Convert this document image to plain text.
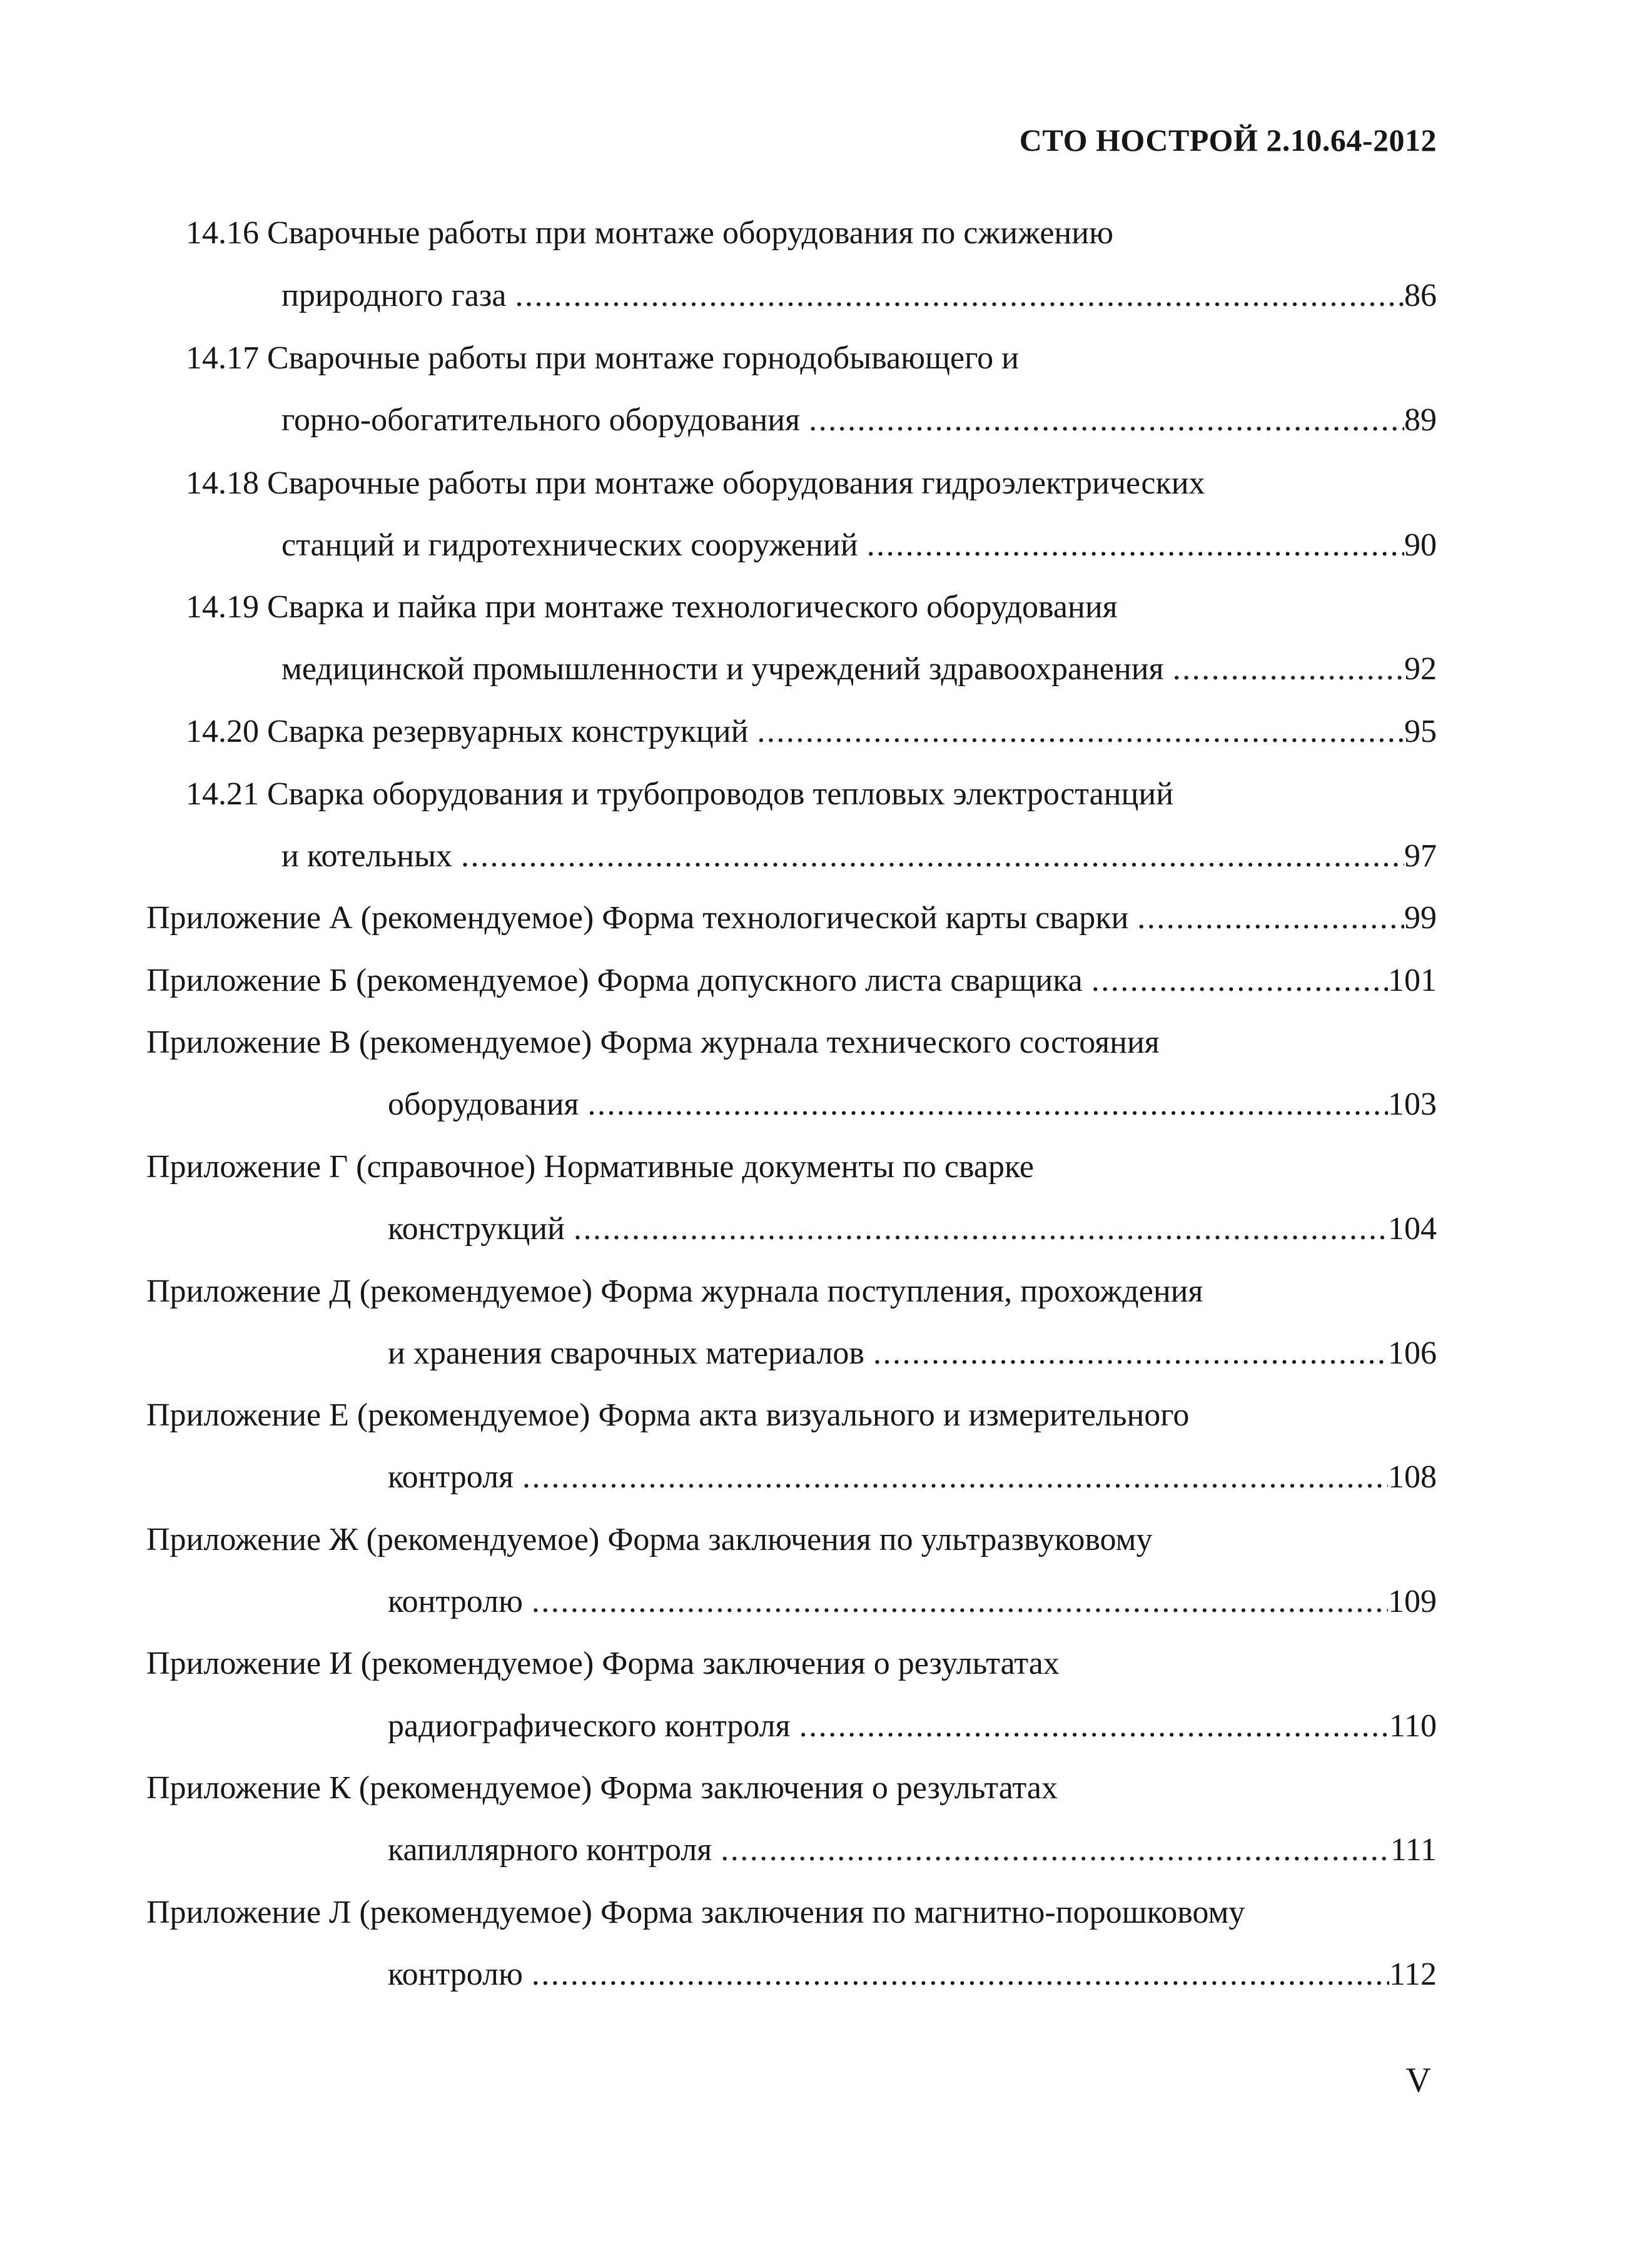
СТО НОСТРОЙ 2.10.64-2012
14.16 Сварочные работы при монтаже оборудования по сжижению
природного газа .....	86
14.17 Сварочные работы при монтаже горнодобывающего и
горно-обогатительного оборудования .....	89
14.18 Сварочные работы при монтаже оборудования гидроэлектрических
станций и гидротехнических сооружений .....	90
14.19 Сварка и пайка при монтаже технологического оборудования
медицинской промышленности и учреждений здравоохранения .....	92
14.20 Сварка резервуарных конструкций .....	95
14.21 Сварка оборудования и трубопроводов тепловых электростанций
и котельных .....	97
Приложение А (рекомендуемое) Форма технологической карты сварки .....	99
Приложение Б (рекомендуемое) Форма допускного листа сварщика .....	101
Приложение В (рекомендуемое) Форма журнала технического состояния
оборудования .....	103
Приложение Г (справочное) Нормативные документы по сварке
конструкций .....	104
Приложение Д (рекомендуемое) Форма журнала поступления, прохождения
и хранения сварочных материалов .....	106
Приложение Е (рекомендуемое) Форма акта визуального и измерительного
контроля .....	108
Приложение Ж (рекомендуемое) Форма заключения по ультразвуковому
контролю .....	109
Приложение И (рекомендуемое) Форма заключения о результатах
радиографического контроля .....	110
Приложение К (рекомендуемое) Форма заключения о результатах
капиллярного контроля .....	111
Приложение Л (рекомендуемое) Форма заключения по магнитно-порошковому
контролю .....	112
V
